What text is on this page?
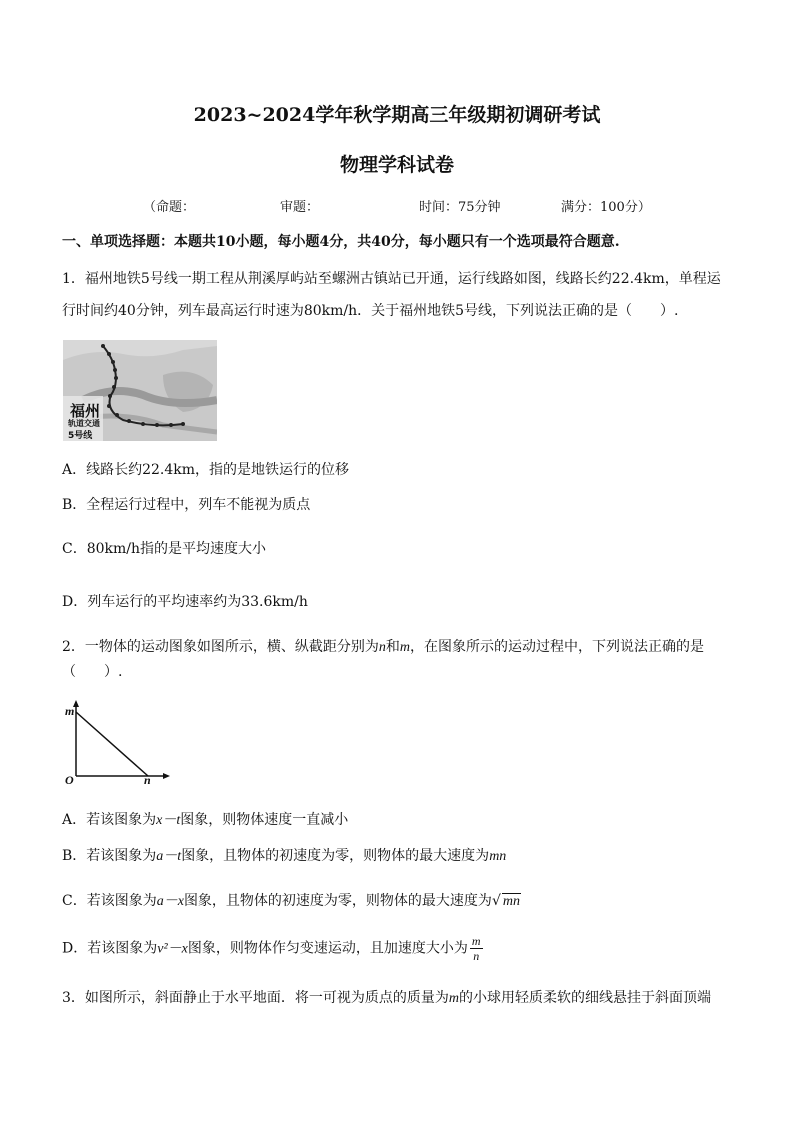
2023~2024学年秋学期高三年级期初调研考试
物理学科试卷
（命题：	审题：	时间：75分钟	满分：100分）
一、单项选择题：本题共10小题，每小题4分，共40分，每小题只有一个选项最符合题意.
1．福州地铁5号线一期工程从荆溪厚屿站至螺洲古镇站已开通，运行线路如图，线路长约22.4km，单程运
行时间约40分钟，列车最高运行时速为80km/h．关于福州地铁5号线，下列说法正确的是（　　）.
福州
轨道交通
5号线
A．线路长约22.4km，指的是地铁运行的位移
B．全程运行过程中，列车不能视为质点
C．80km/h指的是平均速度大小
D．列车运行的平均速率约为33.6km/h
2．一物体的运动图象如图所示，横、纵截距分别为n和m，在图象所示的运动过程中，下列说法正确的是
（　　）.
m
O	n
A．若该图象为x－t图象，则物体速度一直减小
B．若该图象为a－t图象，且物体的初速度为零，则物体的最大速度为mn
C．若该图象为a－x图象，且物体的初速度为零，则物体的最大速度为√ mn
D．若该图象为v²－x图象，则物体作匀变速运动，且加速度大小为 $\frac{m}{n}$
3．如图所示，斜面静止于水平地面．将一可视为质点的质量为m的小球用轻质柔软的细线悬挂于斜面顶端
